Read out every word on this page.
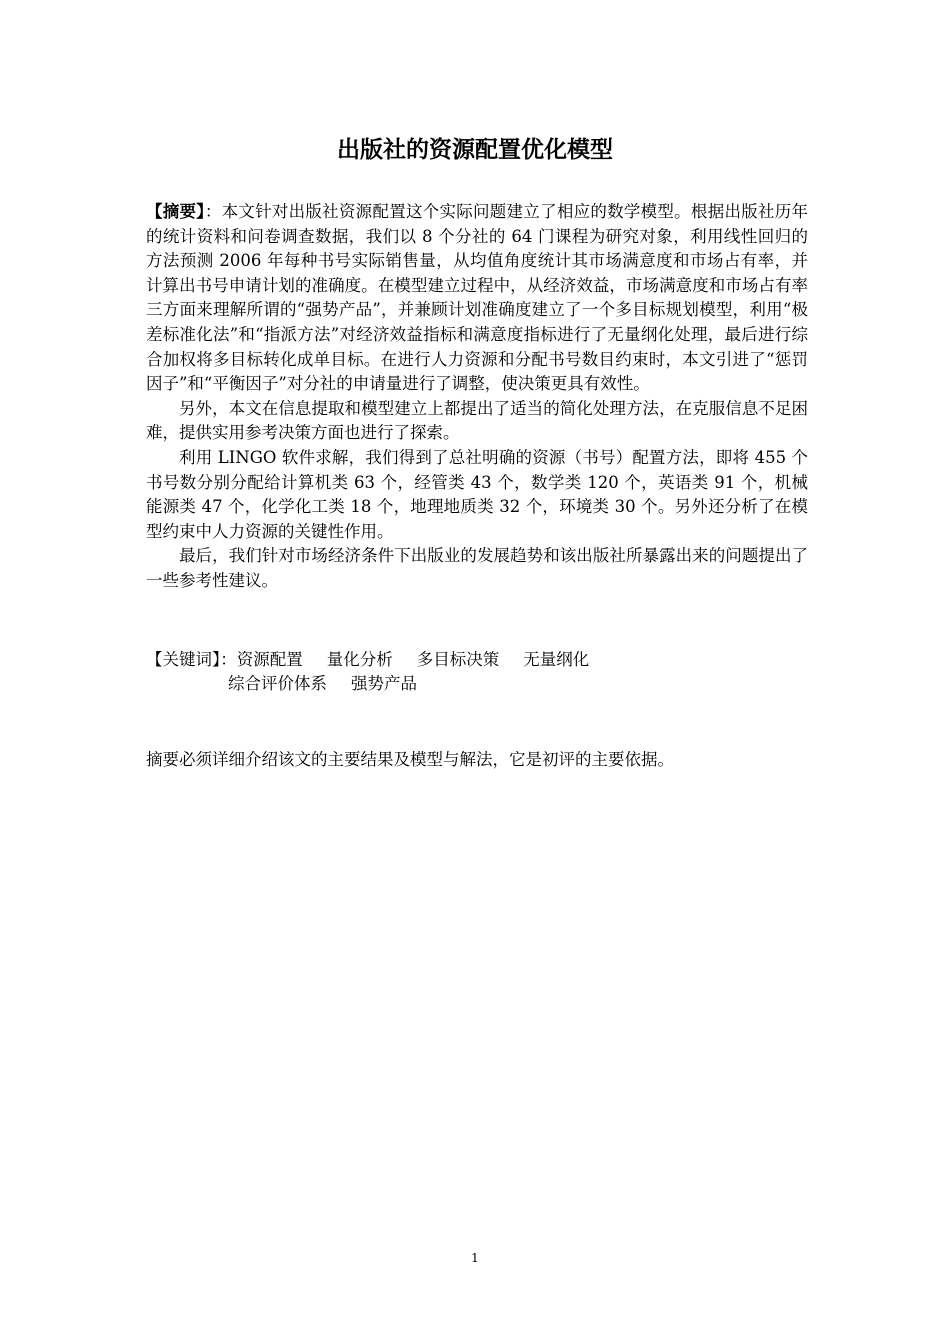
出版社的资源配置优化模型

【摘要】：本文针对出版社资源配置这个实际问题建立了相应的数学模型。根据出版社历年的统计资料和问卷调查数据，我们以 8 个分社的 64 门课程为研究对象，利用线性回归的方法预测 2006 年每种书号实际销售量，从均值角度统计其市场满意度和市场占有率，并计算出书号申请计划的准确度。在模型建立过程中，从经济效益，市场满意度和市场占有率三方面来理解所谓的“强势产品”，并兼顾计划准确度建立了一个多目标规划模型，利用“极差标准化法”和“指派方法”对经济效益指标和满意度指标进行了无量纲化处理，最后进行综合加权将多目标转化成单目标。在进行人力资源和分配书号数目约束时，本文引进了“惩罚因子”和“平衡因子”对分社的申请量进行了调整，使决策更具有效性。

另外，本文在信息提取和模型建立上都提出了适当的简化处理方法，在克服信息不足困难，提供实用参考决策方面也进行了探索。

利用 LINGO 软件求解，我们得到了总社明确的资源（书号）配置方法，即将 455 个书号数分别分配给计算机类 63 个，经管类 43 个，数学类 120 个，英语类 91 个，机械能源类 47 个，化学化工类 18 个，地理地质类 32 个，环境类 30 个。另外还分析了在模型约束中人力资源的关键性作用。

最后，我们针对市场经济条件下出版业的发展趋势和该出版社所暴露出来的问题提出了一些参考性建议。

【关键词】：资源配置 量化分析 多目标决策 无量纲化
综合评价体系 强势产品

摘要必须详细介绍该文的主要结果及模型与解法，它是初评的主要依据。

1
